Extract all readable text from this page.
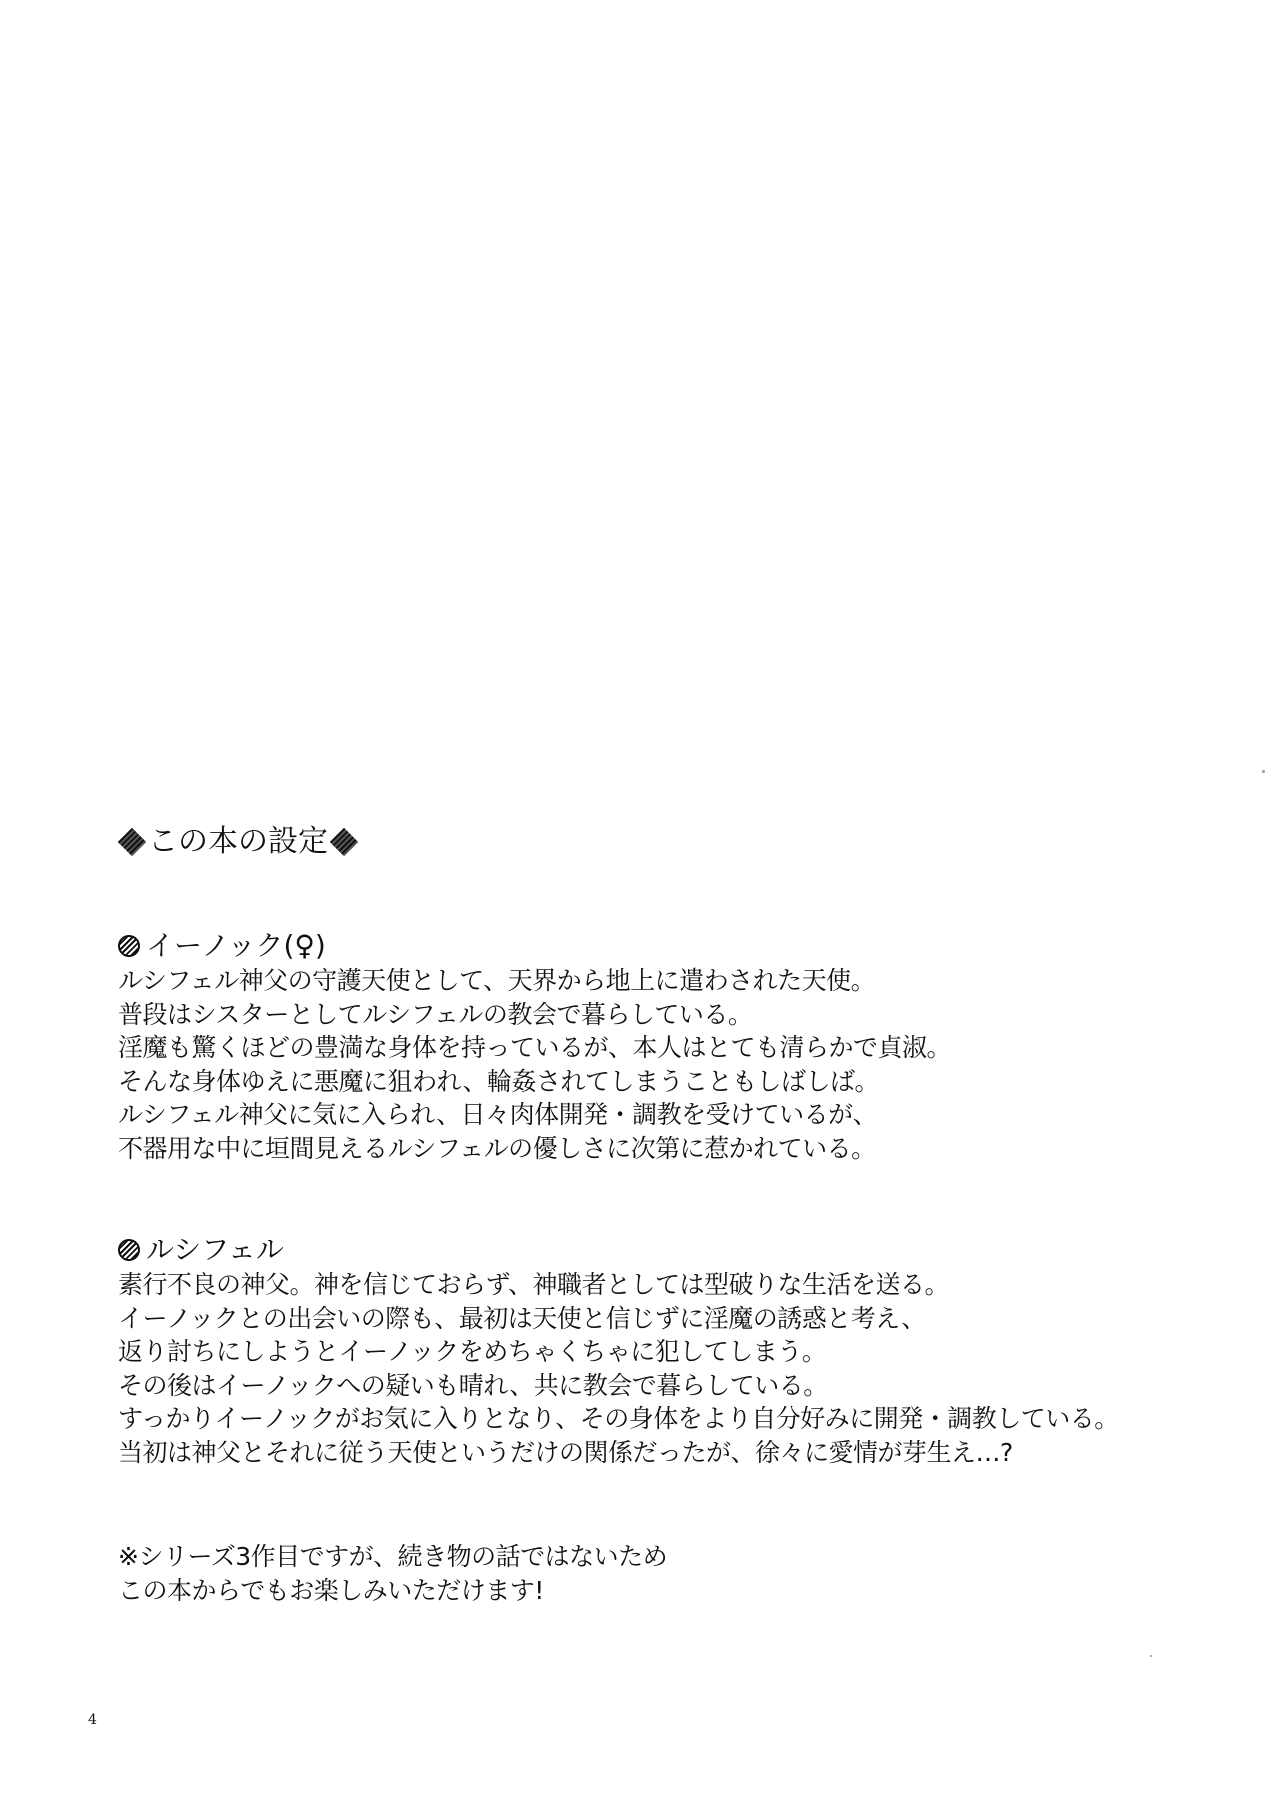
この本の設定
イーノック(♀)
ルシフェル神父の守護天使として、天界から地上に遣わされた天使。
普段はシスターとしてルシフェルの教会で暮らしている。
淫魔も驚くほどの豊満な身体を持っているが、本人はとても清らかで貞淑。
そんな身体ゆえに悪魔に狙われ、輪姦されてしまうこともしばしば。
ルシフェル神父に気に入られ、日々肉体開発・調教を受けているが、
不器用な中に垣間見えるルシフェルの優しさに次第に惹かれている。
ルシフェル
素行不良の神父。神を信じておらず、神職者としては型破りな生活を送る。
イーノックとの出会いの際も、最初は天使と信じずに淫魔の誘惑と考え、
返り討ちにしようとイーノックをめちゃくちゃに犯してしまう。
その後はイーノックへの疑いも晴れ、共に教会で暮らしている。
すっかりイーノックがお気に入りとなり、その身体をより自分好みに開発・調教している。
当初は神父とそれに従う天使というだけの関係だったが、徐々に愛情が芽生え…?
※シリーズ3作目ですが、続き物の話ではないため
この本からでもお楽しみいただけます!
4
